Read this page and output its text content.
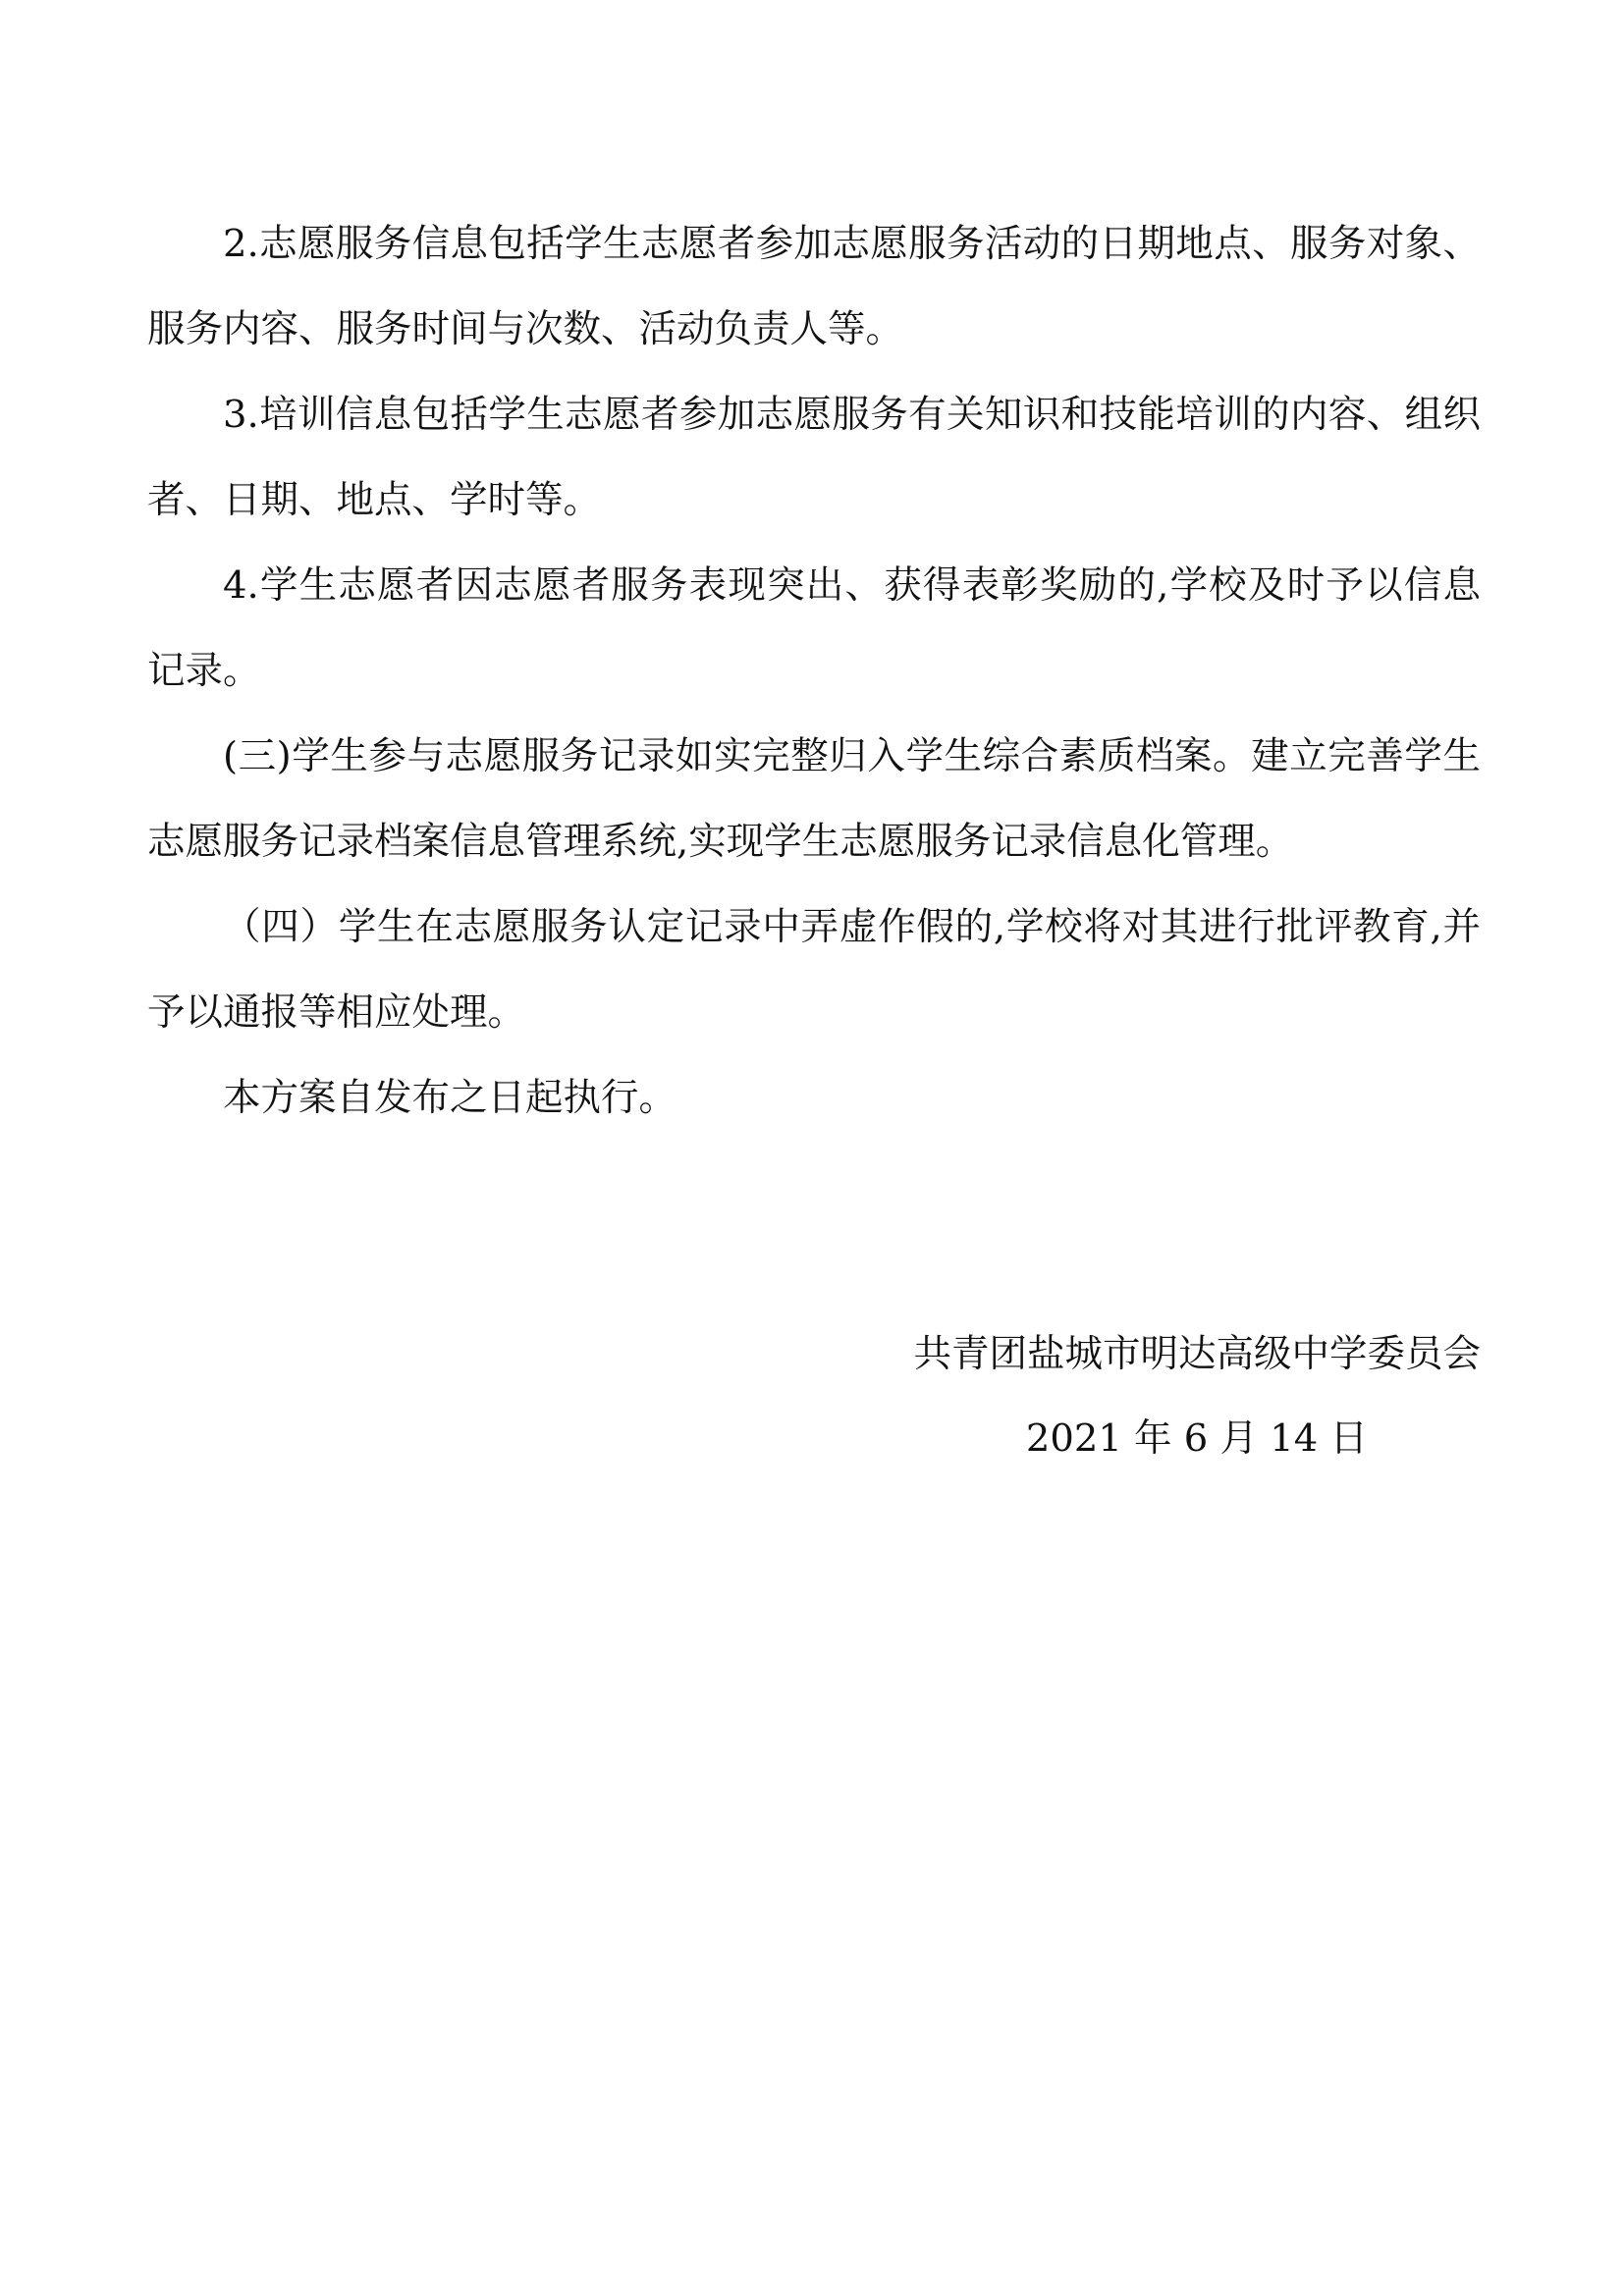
2.志愿服务信息包括学生志愿者参加志愿服务活动的日期地点、服务对象、
服务内容、服务时间与次数、活动负责人等。
3.培训信息包括学生志愿者参加志愿服务有关知识和技能培训的内容、组织
者、日期、地点、学时等。
4.学生志愿者因志愿者服务表现突出、获得表彰奖励的,学校及时予以信息
记录。
(三)学生参与志愿服务记录如实完整归入学生综合素质档案。建立完善学生
志愿服务记录档案信息管理系统,实现学生志愿服务记录信息化管理。
（四）学生在志愿服务认定记录中弄虚作假的,学校将对其进行批评教育,并
予以通报等相应处理。
本方案自发布之日起执行。
共青团盐城市明达高级中学委员会
2021 年 6 月 14 日
